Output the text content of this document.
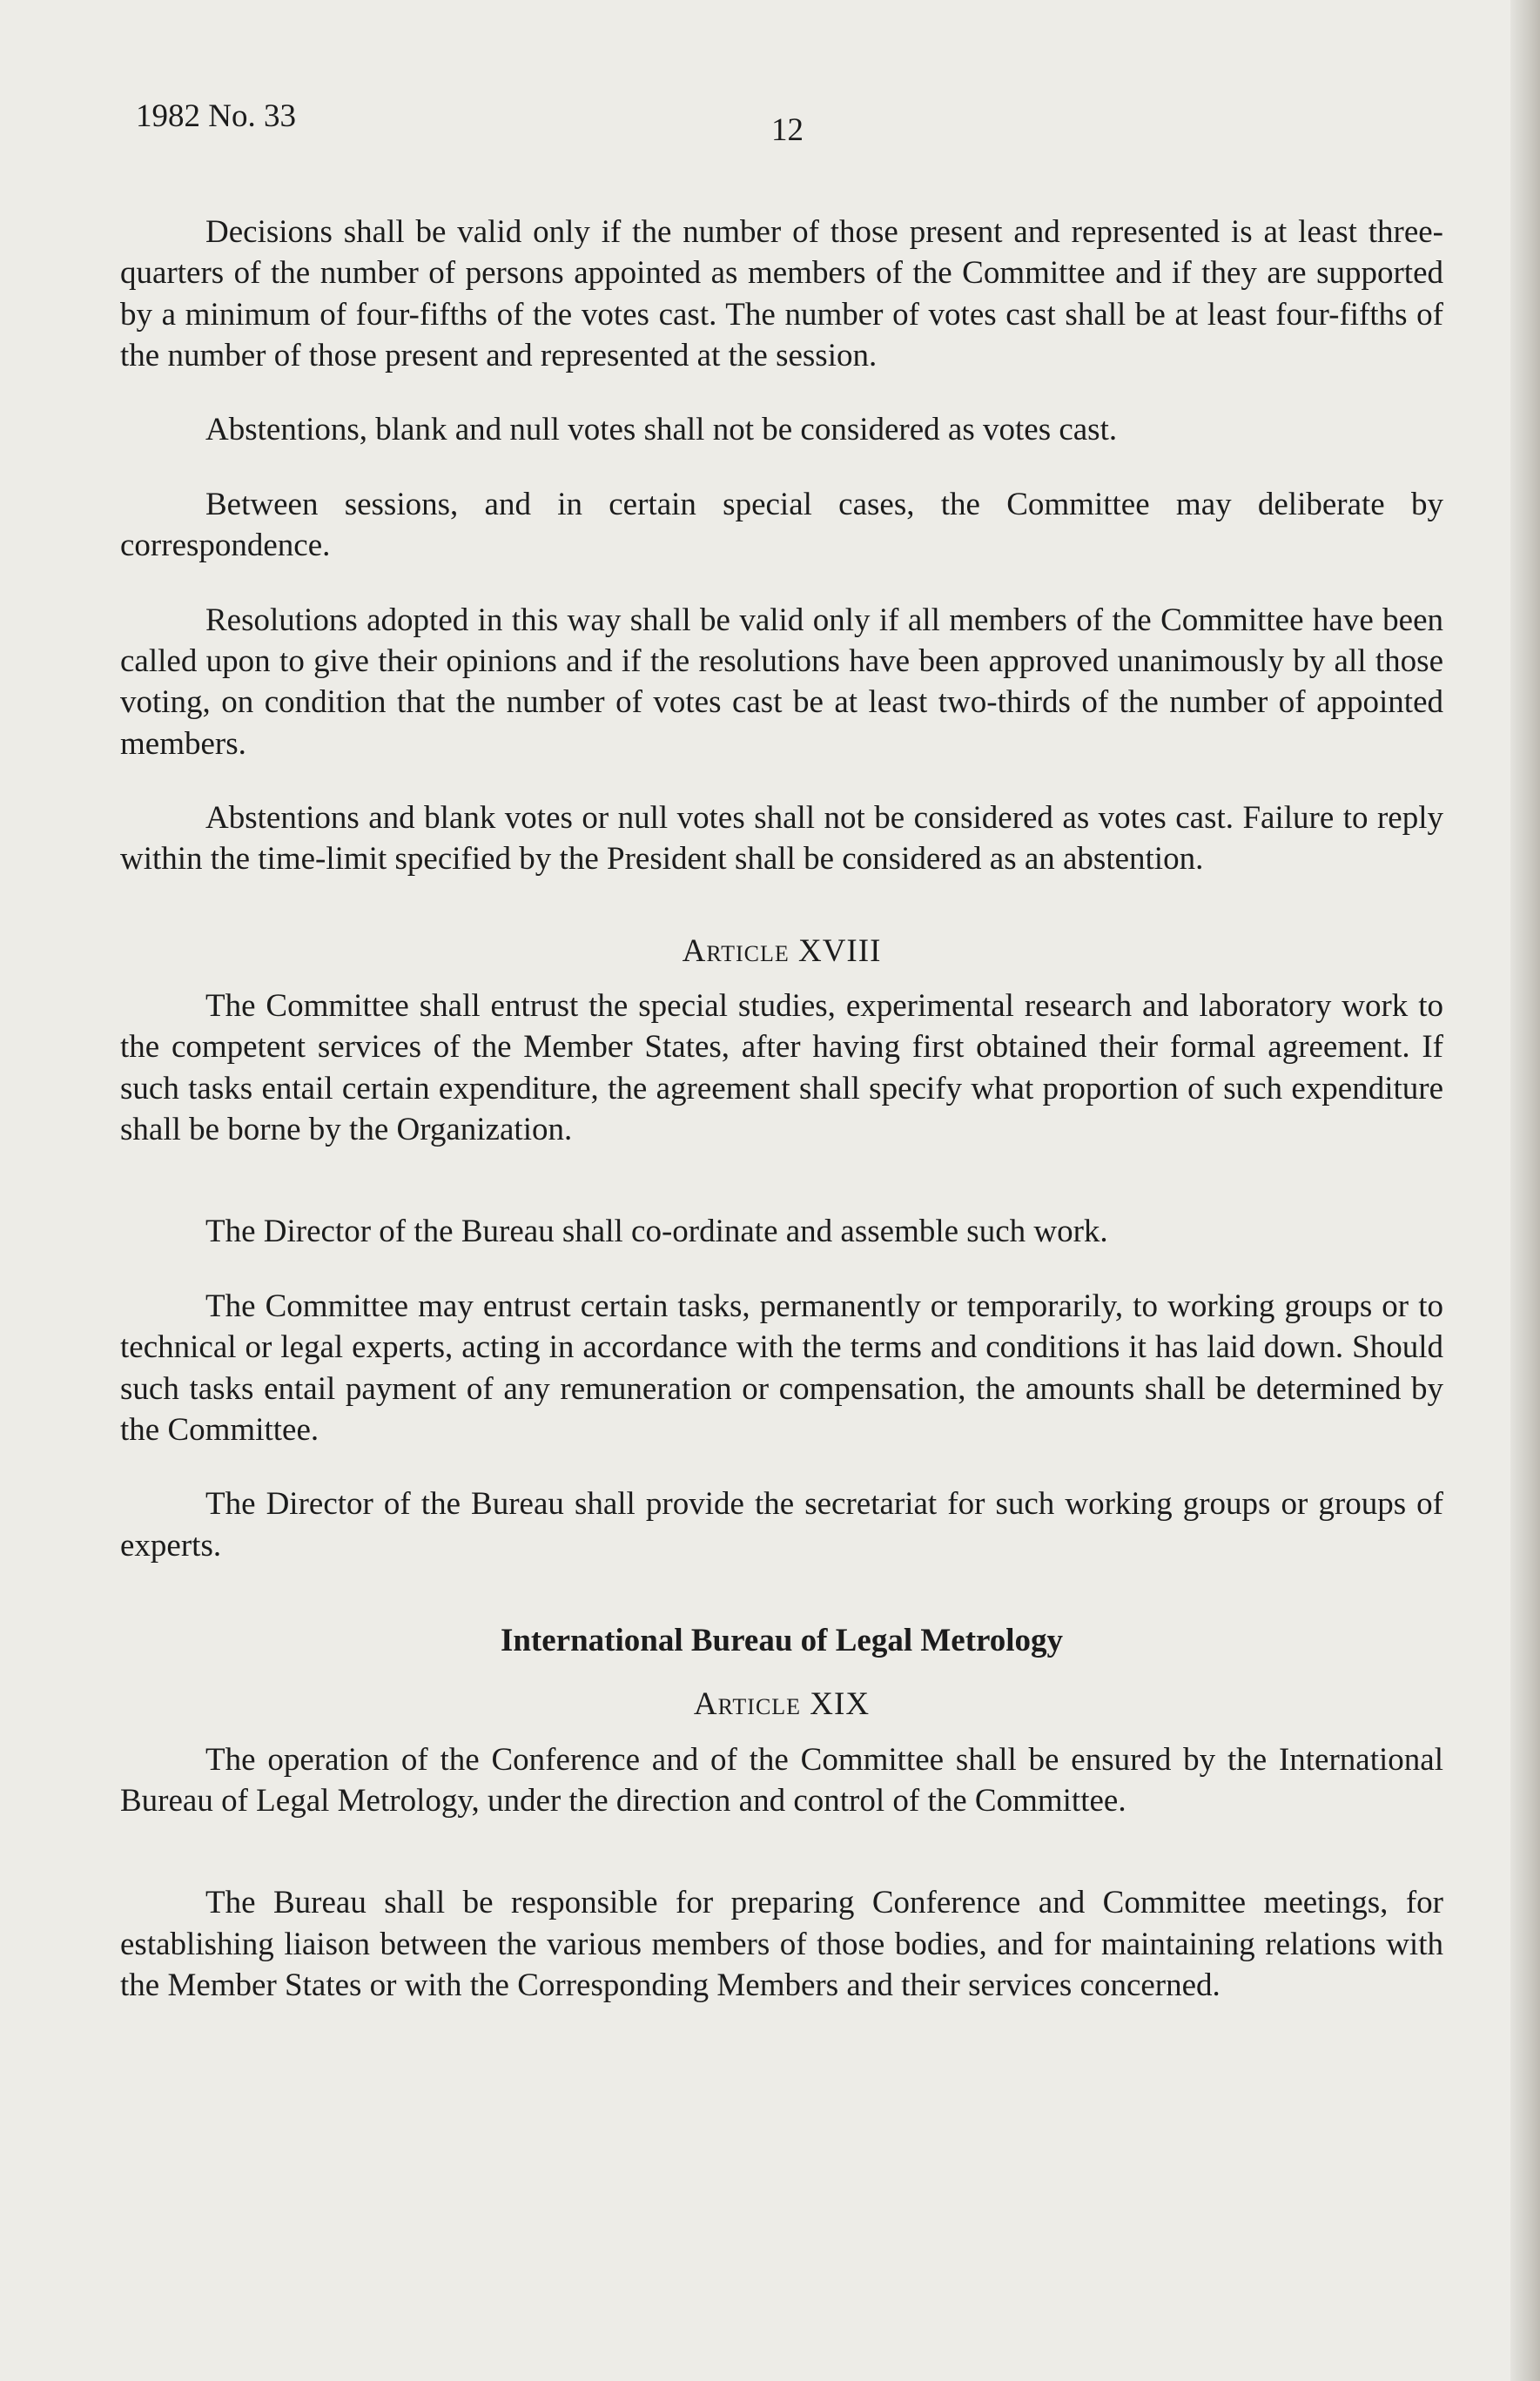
1982 No. 33	12

Decisions shall be valid only if the number of those present and represented is at least three-quarters of the number of persons appointed as members of the Committee and if they are supported by a minimum of four-fifths of the votes cast. The number of votes cast shall be at least four-fifths of the number of those present and represented at the session.

Abstentions, blank and null votes shall not be considered as votes cast.

Between sessions, and in certain special cases, the Committee may deliberate by correspondence.

Resolutions adopted in this way shall be valid only if all members of the Committee have been called upon to give their opinions and if the resolutions have been approved unanimously by all those voting, on condition that the number of votes cast be at least two-thirds of the number of appointed members.

Abstentions and blank votes or null votes shall not be considered as votes cast. Failure to reply within the time-limit specified by the President shall be considered as an abstention.

Article XVIII

The Committee shall entrust the special studies, experimental research and laboratory work to the competent services of the Member States, after having first obtained their formal agreement. If such tasks entail certain expenditure, the agreement shall specify what proportion of such expenditure shall be borne by the Organization.

The Director of the Bureau shall co-ordinate and assemble such work.

The Committee may entrust certain tasks, permanently or temporarily, to working groups or to technical or legal experts, acting in accordance with the terms and conditions it has laid down. Should such tasks entail payment of any remuneration or compensation, the amounts shall be determined by the Committee.

The Director of the Bureau shall provide the secretariat for such working groups or groups of experts.

International Bureau of Legal Metrology
Article XIX

The operation of the Conference and of the Committee shall be ensured by the International Bureau of Legal Metrology, under the direction and control of the Committee.

The Bureau shall be responsible for preparing Conference and Committee meetings, for establishing liaison between the various members of those bodies, and for maintaining relations with the Member States or with the Corresponding Members and their services concerned.
